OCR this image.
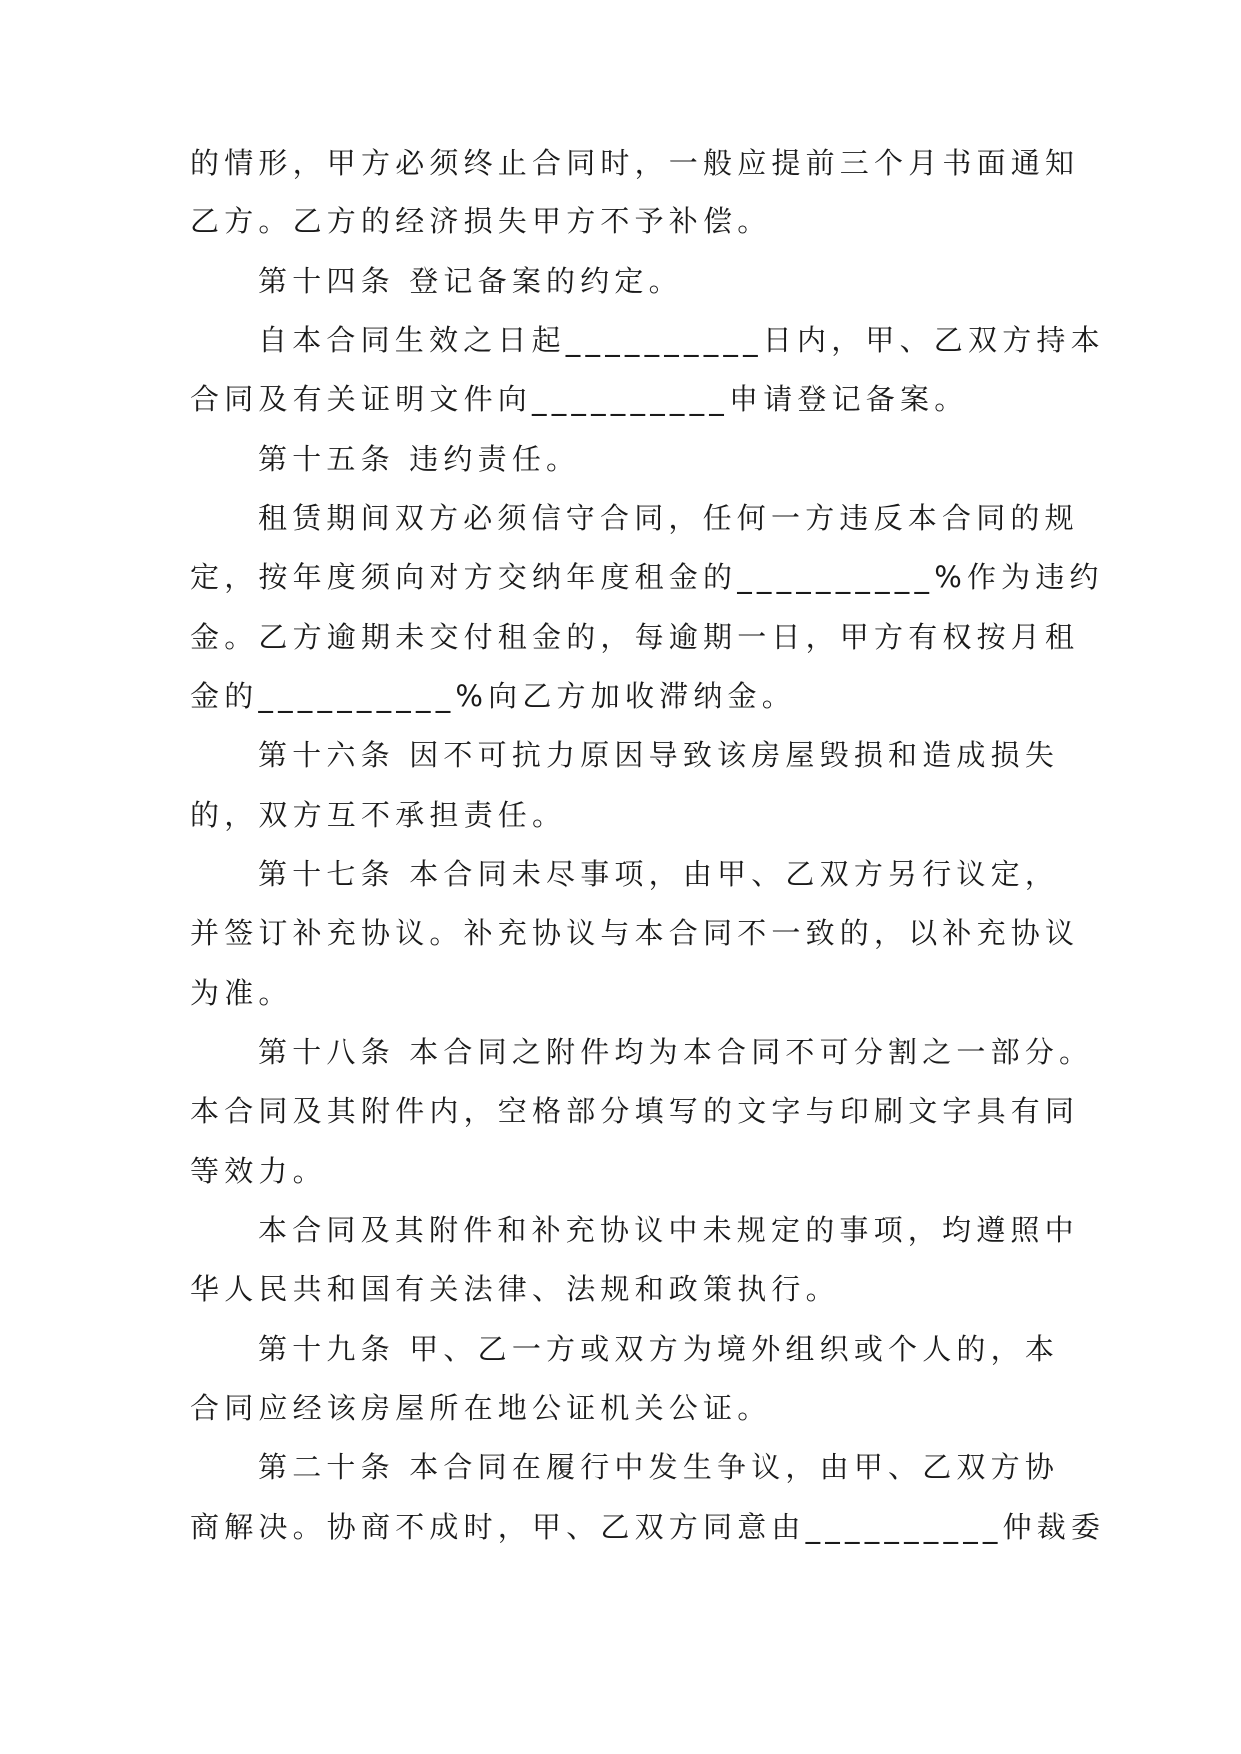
的情形，甲方必须终止合同时，一般应提前三个月书面通知
乙方。乙方的经济损失甲方不予补偿。
第十四条 登记备案的约定。
自本合同生效之日起__________日内，甲、乙双方持本
合同及有关证明文件向__________申请登记备案。
第十五条 违约责任。
租赁期间双方必须信守合同，任何一方违反本合同的规
定，按年度须向对方交纳年度租金的__________%作为违约
金。乙方逾期未交付租金的，每逾期一日，甲方有权按月租
金的__________%向乙方加收滞纳金。
第十六条 因不可抗力原因导致该房屋毁损和造成损失
的，双方互不承担责任。
第十七条 本合同未尽事项，由甲、乙双方另行议定，
并签订补充协议。补充协议与本合同不一致的，以补充协议
为准。
第十八条 本合同之附件均为本合同不可分割之一部分。
本合同及其附件内，空格部分填写的文字与印刷文字具有同
等效力。
本合同及其附件和补充协议中未规定的事项，均遵照中
华人民共和国有关法律、法规和政策执行。
第十九条 甲、乙一方或双方为境外组织或个人的，本
合同应经该房屋所在地公证机关公证。
第二十条 本合同在履行中发生争议，由甲、乙双方协
商解决。协商不成时，甲、乙双方同意由__________仲裁委
